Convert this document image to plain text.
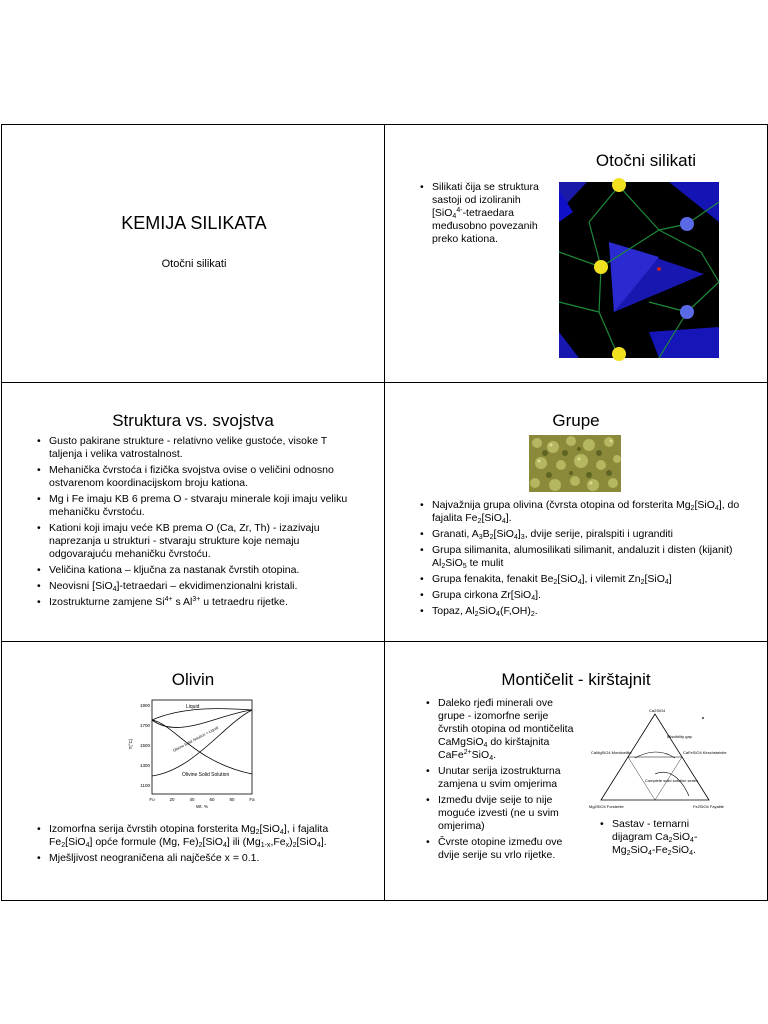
KEMIJA SILIKATA
Otočni silikati
Otočni silikati
• Silikati čija se struktura sastoji od izoliranih [SiO$_4^{4-}$-tetraedara međusobno povezanih preko kationa.
Struktura vs. svojstva
• Gusto pakirane strukture - relativno velike gustoće, visoke T taljenja i velika vatrostalnost.
• Mehanička čvrstoća i fizička svojstva ovise o veličini odnosno ostvarenom koordinacijskom broju kationa.
• Mg i Fe imaju KB 6 prema O - stvaraju minerale koji imaju veliku mehaničku čvrstoću.
• Kationi koji imaju veće KB prema O (Ca, Zr, Th) - izazivaju naprezanja u strukturi - stvaraju strukture koje nemaju odgovarajuću mehaničku čvrstoću.
• Veličina kationa – ključna za nastanak čvrstih otopina.
• Neovisni [SiO$_4$]-tetraedari – ekvidimenzionalni kristali.
• Izostrukturne zamjene $Si^{4+}$ s $Al^{3+}$ u tetraedru rijetke.
Grupe
• Najvažnija grupa olivina (čvrsta otopina od forsterita $Mg_2[SiO_4]$, do fajalita $Fe_2[SiO_4]$.
• Granati, $A_3B_2[SiO_4]_3$, dvije serije, piralspiti i ugranditi
• Grupa silimanita, alumosilikati silimanit, andaluzit i disten (kijanit) $Al_2SiO_5$ te mulit
• Grupa fenakita, fenakit $Be_2[SiO_4]$, i vilemit $Zn_2[SiO_4]$
• Grupa cirkona Zr[SiO$_4$].
• Topaz, $Al_2SiO_4(F,OH)_2$.
Olivin
1900
1700
1500
1300
1100
Fo	20	40	60	80	Fa
Wt. %
T(°C)
Liquid
Olivine Solid Solution
Olivine Solid Solution + Liquid
• Izomorfna serija čvrstih otopina forsterita $Mg_2[SiO_4]$, i fajalita $Fe_2[SiO_4]$ opće formule (Mg, $Fe)_2[SiO_4]$ ili $(Mg_{1-x},Fe_x)_2[SiO_4]$.
• Mješljivost neograničena ali najčešće x = 0.1.
Montičelit - kirštajnit
• Daleko rjeđi minerali ove grupe - izomorfne serije čvrstih otopina od montičelita CaMgSiO$_4$ do kirštajnita CaFe$^{2+}$SiO$_4$.
• Unutar serija izostrukturna zamjena u svim omjerima
• Između dvije seije to nije moguće izvesti (ne u svim omjerima)
• Čvrste otopine između ove dvije serije su vrlo rijetke.
Ca2SiO4
Miscibility gap
CaMgSiO4 Monticellite	CaFeSiO4 Kirschsteinite
Complete solid solution series
Mg2SiO4 Forsterite	Fe2SiO4 Fayalite
• Sastav - ternarni dijagram $Ca_2SiO_4-Mg_2SiO_4-Fe_2SiO_4$.
